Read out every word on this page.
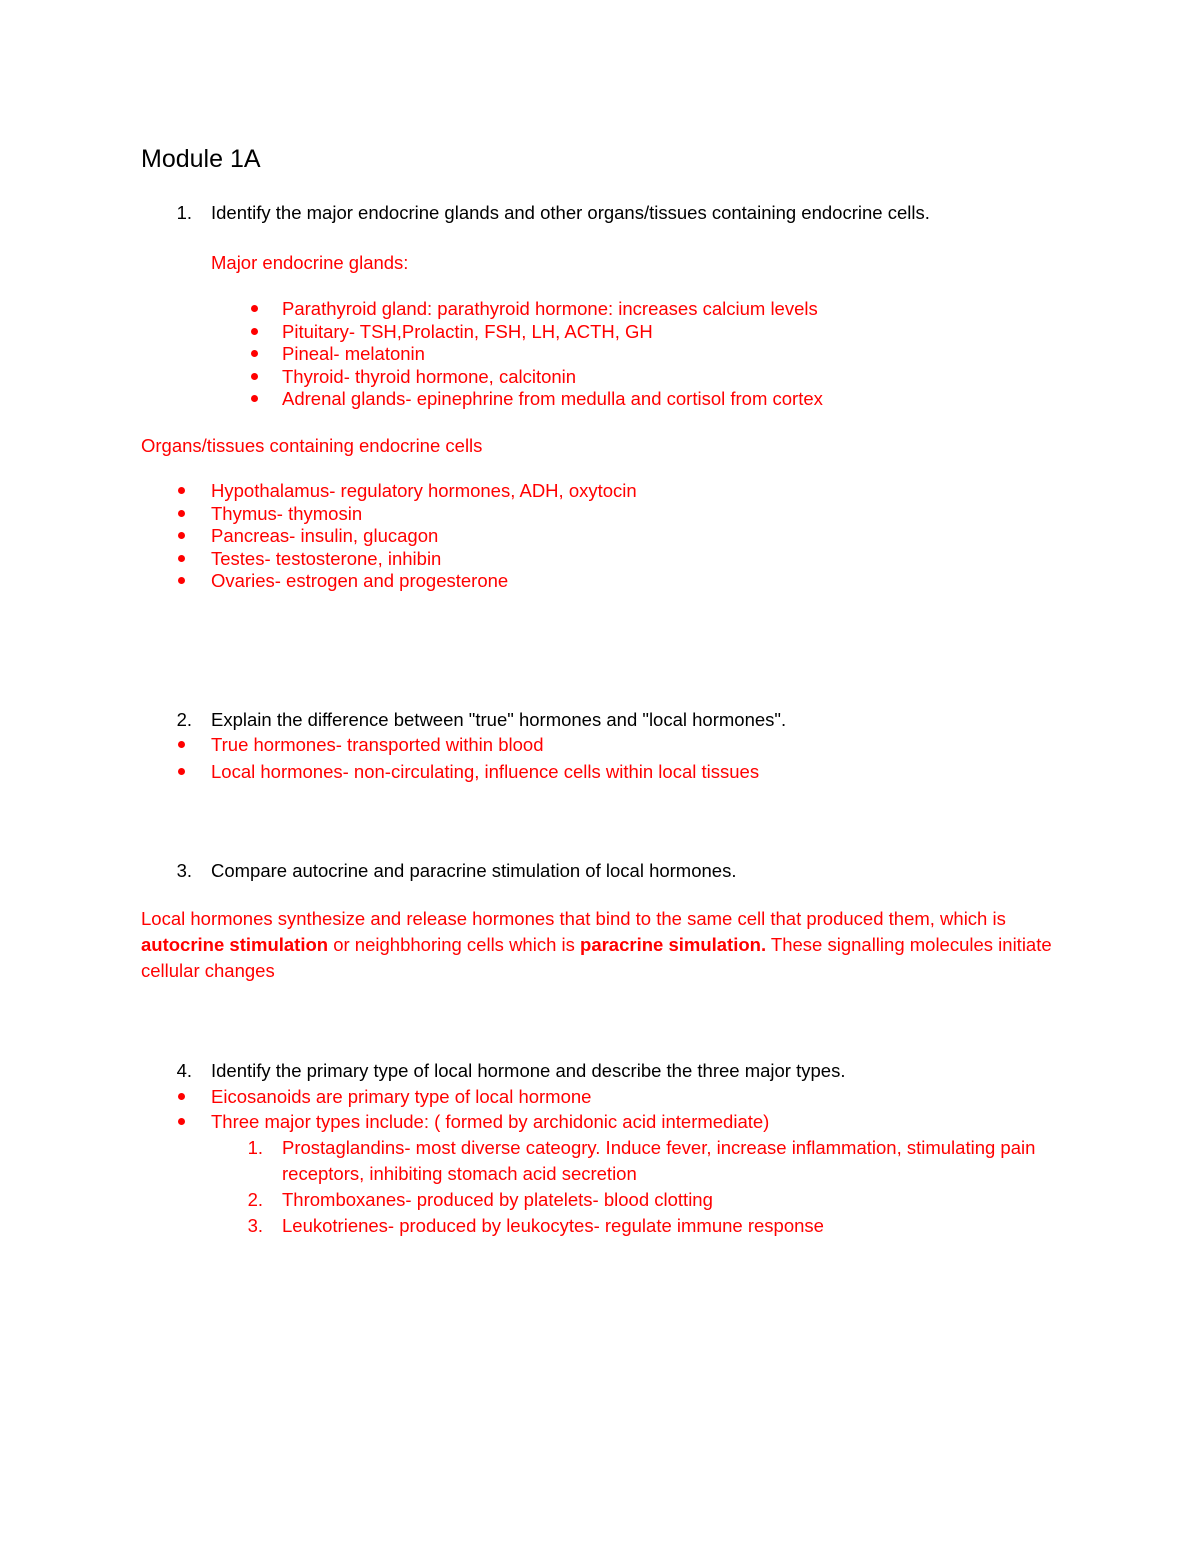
Module 1A
1. Identify the major endocrine glands and other organs/tissues containing endocrine cells.
Major endocrine glands:
Parathyroid gland: parathyroid hormone: increases calcium levels
Pituitary- TSH,Prolactin, FSH, LH, ACTH, GH
Pineal- melatonin
Thyroid- thyroid hormone, calcitonin
Adrenal glands- epinephrine from medulla and cortisol from cortex
Organs/tissues containing endocrine cells
Hypothalamus- regulatory hormones, ADH, oxytocin
Thymus- thymosin
Pancreas- insulin, glucagon
Testes- testosterone, inhibin
Ovaries- estrogen and progesterone
2. Explain the difference between "true" hormones and "local hormones".
True hormones- transported within blood
Local hormones- non-circulating, influence cells within local tissues
3. Compare autocrine and paracrine stimulation of local hormones.
Local hormones synthesize and release hormones that bind to the same cell that produced them, which is autocrine stimulation or neighbhoring cells which is paracrine simulation. These signalling molecules initiate cellular changes
4. Identify the primary type of local hormone and describe the three major types.
Eicosanoids are primary type of local hormone
Three major types include: ( formed by archidonic acid intermediate)
1. Prostaglandins- most diverse cateogry. Induce fever, increase inflammation, stimulating pain receptors, inhibiting stomach acid secretion
2. Thromboxanes- produced by platelets- blood clotting
3. Leukotrienes- produced by leukocytes- regulate immune response
